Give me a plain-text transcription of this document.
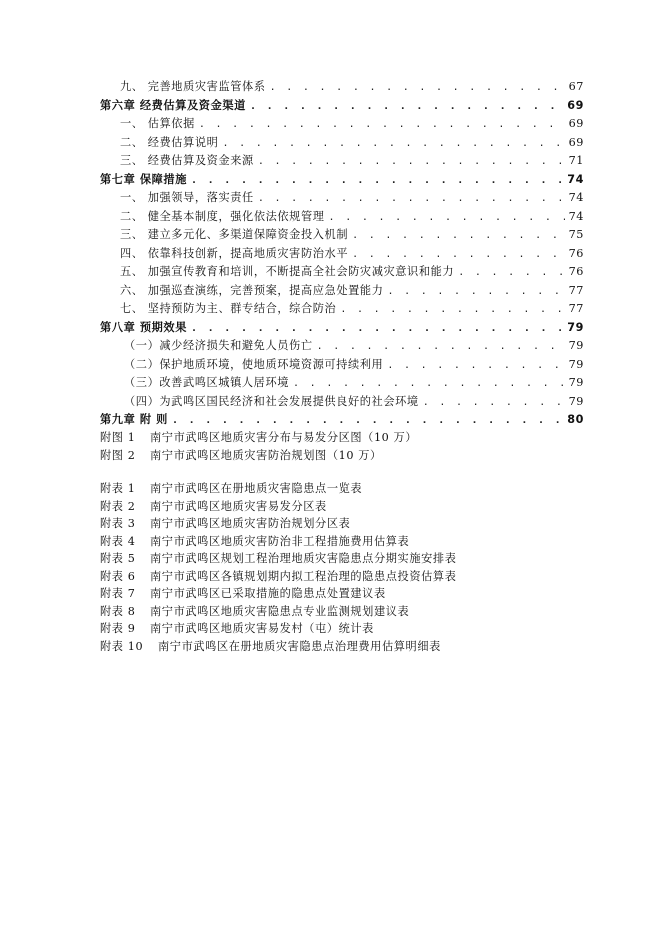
九、 完善地质灾害监管体系 . . .	67
第六章 经费估算及资金渠道 . . .	69
一、 估算依据 . . .	69
二、 经费估算说明 . . .	69
三、 经费估算及资金来源 . . .	71
第七章 保障措施 . . .	74
一、 加强领导，落实责任 . . .	74
二、 健全基本制度，强化依法依规管理 . . .	74
三、 建立多元化、多渠道保障资金投入机制 . . .	75
四、 依靠科技创新，提高地质灾害防治水平 . . .	76
五、 加强宣传教育和培训，不断提高全社会防灾减灾意识和能力 . . .	76
六、 加强巡查演练，完善预案，提高应急处置能力 . . .	77
七、 坚持预防为主、群专结合，综合防治 . . .	77
第八章 预期效果 . . .	79
（一）减少经济损失和避免人员伤亡 . . .	79
（二）保护地质环境，使地质环境资源可持续利用 . . .	79
（三）改善武鸣区城镇人居环境 . . .	79
（四）为武鸣区国民经济和社会发展提供良好的社会环境 . . .	79
第九章 附 则 . . .	80
附图 1	南宁市武鸣区地质灾害分布与易发分区图（10 万）
附图 2	南宁市武鸣区地质灾害防治规划图（10 万）
附表 1	南宁市武鸣区在册地质灾害隐患点一览表
附表 2	南宁市武鸣区地质灾害易发分区表
附表 3	南宁市武鸣区地质灾害防治规划分区表
附表 4	南宁市武鸣区地质灾害防治非工程措施费用估算表
附表 5	南宁市武鸣区规划工程治理地质灾害隐患点分期实施安排表
附表 6	南宁市武鸣区各镇规划期内拟工程治理的隐患点投资估算表
附表 7	南宁市武鸣区已采取措施的隐患点处置建议表
附表 8	南宁市武鸣区地质灾害隐患点专业监测规划建议表
附表 9	南宁市武鸣区地质灾害易发村（屯）统计表
附表 10	南宁市武鸣区在册地质灾害隐患点治理费用估算明细表
